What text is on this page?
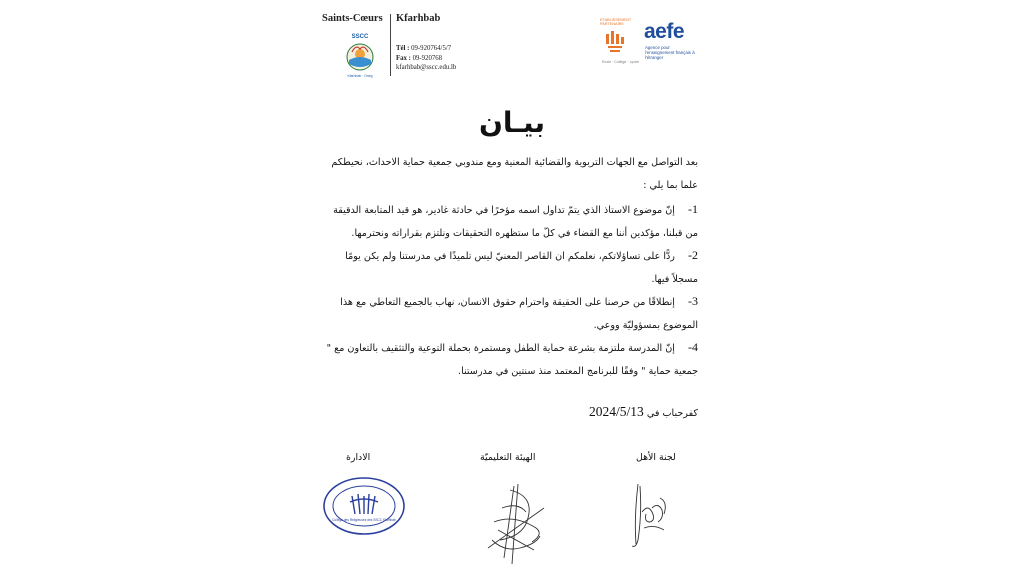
Saints-Cœurs
SSCC
Kfarhbab · Oneg
Kfarhbab
Tél : 09-920764/5/7
Fax : 09-920768
kfarhbab@sscc.edu.lb
ETABLISSEMENT PARTENAIRE aefe
Agence pour l'enseignement français à l'étranger
Ecole · Collège · Lycée
بيـان
بعد التواصل مع الجهات التربوية والقضائية المعنية ومع مندوبي جمعية حماية الاحداث، نحيطكم علما بما يلي :
1- إنّ موضوع الاستاذ الذي يتمّ تداول اسمه مؤخرًا في حادثة غادير، هو قيد المتابعة الدقيقة من قبلنا، مؤكدين أننا مع القضاء في كلّ ما ستظهره التحقيقات ونلتزم بقراراته ونحترمها.
2- ردًّا على تساؤلاتكم، نعلمكم ان القاصر المعنيّ ليس تلميذًا في مدرستنا ولم يكن يومًا مسجلاً فيها.
3- إنطلاقًا من حرصنا على الحقيقة واحترام حقوق الانسان، نهاب بالجميع التعاطي مع هذا الموضوع بمسؤوليّة ووعي.
4- إنّ المدرسة ملتزمة بشرعة حماية الطفل ومستمرة بحملة التوعية والتثقيف بالتعاون مع " جمعية حماية " وفقًا للبرنامج المعتمد منذ سنتين في مدرستنا.
كفرحباب في 2024/5/13
لجنة الأهل
الهيئة التعليميّة
الادارة
Collège des Religieuses des SSCC Kfarhbab
